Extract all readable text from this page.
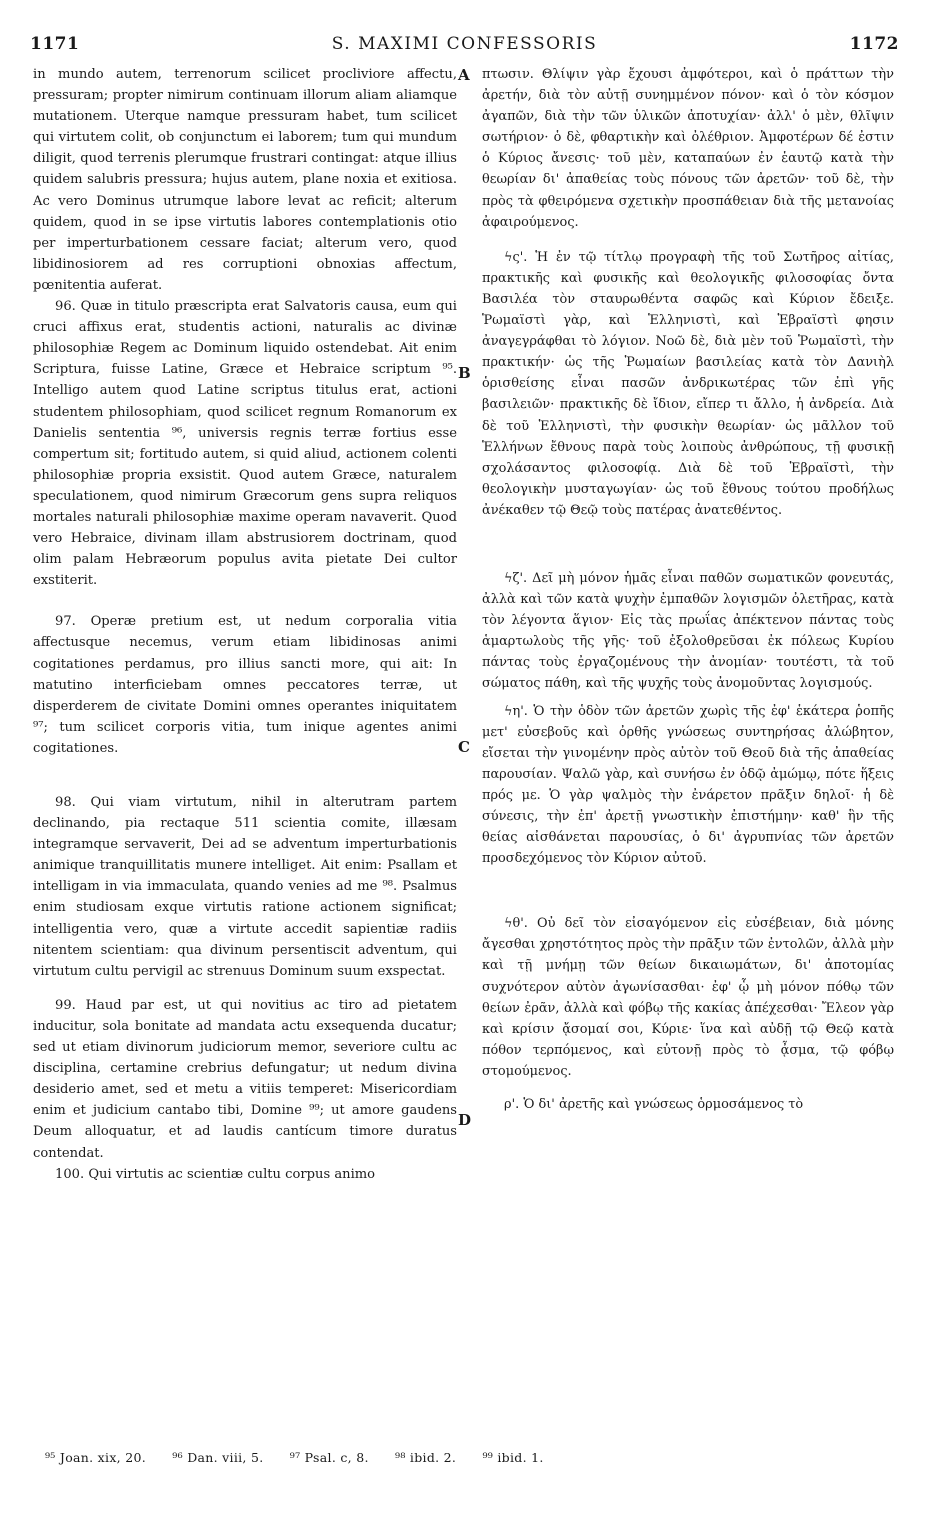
1171	S. MAXIMI CONFESSORIS	1172

in mundo autem, terrenorum scilicet procliviore affectu, pressuram; propter nimirum continuam illorum aliam aliamque mutationem. Uterque namque pressuram habet, tum scilicet qui virtutem colit, ob conjunctum ei laborem; tum qui mundum diligit, quod terrenis plerumque frustrari contingat: atque illius quidem salubris pressura; hujus autem, plane noxia et exitiosa. Ac vero Dominus utrumque labore levat ac reficit; alterum quidem, quod in se ipse virtutis labores contemplationis otio per imperturbationem cessare faciat; alterum vero, quod libidinosiorem ad res corruptioni obnoxias affectum, pœnitentia auferat.

96. Quæ in titulo præscripta erat Salvatoris causa, eum qui cruci affixus erat, studentis actioni, naturalis ac divinæ philosophiæ Regem ac Dominum liquido ostendebat. Ait enim Scriptura, fuisse Latine, Græce et Hebraice scriptum ⁹⁵. Intelligo autem quod Latine scriptus titulus erat, actioni studentem philosophiam, quod scilicet regnum Romanorum ex Danielis sententia ⁹⁶, universis regnis terræ fortius esse compertum sit; fortitudo autem, si quid aliud, actionem colenti philosophiæ propria exsistit. Quod autem Græce, naturalem speculationem, quod nimirum Græcorum gens supra reliquos mortales naturali philosophiæ maxime operam navaverit. Quod vero Hebraice, divinam illam abstrusiorem doctrinam, quod olim palam Hebræorum populus avita pietate Dei cultor exstiterit.

97. Operæ pretium est, ut nedum corporalia vitia affectusque necemus, verum etiam libidinosas animi cogitationes perdamus, pro illius sancti more, qui ait: In matutino interficiebam omnes peccatores terræ, ut disperderem de civitate Domini omnes operantes iniquitatem ⁹⁷; tum scilicet corporis vitia, tum inique agentes animi cogitationes.

98. Qui viam virtutum, nihil in alterutram partem declinando, pia rectaque 511 scientia comite, illæsam integramque servaverit, Dei ad se adventum imperturbationis animique tranquillitatis munere intelliget. Ait enim: Psallam et intelligam in via immaculata, quando venies ad me ⁹⁸. Psalmus enim studiosam exque virtutis ratione actionem significat; intelligentia vero, quæ a virtute accedit sapientiæ radiis nitentem scientiam: qua divinum persentiscit adventum, qui virtutum cultu pervigil ac strenuus Dominum suum exspectat.

99. Haud par est, ut qui novitius ac tiro ad pietatem inducitur, sola bonitate ad mandata actu exsequenda ducatur; sed ut etiam divinorum judiciorum memor, severiore cultu ac disciplina, certamine crebrius defungatur; ut nedum divina desiderio amet, sed et metu a vitiis temperet: Misericordiam enim et judicium cantabo tibi, Domine ⁹⁹; ut amore gaudens Deum alloquatur, et ad laudis cantícum timore duratus contendat.

100. Qui virtutis ac scientiæ cultu corpus animo

A
B
C
D

πτωσιν. Θλίψιν γὰρ ἔχουσι ἀμφότεροι, καὶ ὁ πράττων τὴν ἀρετήν, διὰ τὸν αὐτῇ συνημμένον πόνον· καὶ ὁ τὸν κόσμον ἀγαπῶν, διὰ τὴν τῶν ὑλικῶν ἀποτυχίαν· ἀλλ' ὁ μὲν, θλῖψιν σωτήριον· ὁ δὲ, φθαρτικὴν καὶ ὀλέθριον. Ἀμφοτέρων δέ ἐστιν ὁ Κύριος ἄνεσις· τοῦ μὲν, καταπαύων ἐν ἑαυτῷ κατὰ τὴν θεωρίαν δι' ἀπαθείας τοὺς πόνους τῶν ἀρετῶν· τοῦ δὲ, τὴν πρὸς τὰ φθειρόμενα σχετικὴν προσπάθειαν διὰ τῆς μετανοίας ἀφαιρούμενος.

ϟς'. Ἡ ἐν τῷ τίτλῳ προγραφὴ τῆς τοῦ Σωτῆρος αἰτίας, πρακτικῆς καὶ φυσικῆς καὶ θεολογικῆς φιλοσοφίας ὄντα Βασιλέα τὸν σταυρωθέντα σαφῶς καὶ Κύριον ἔδειξε. Ῥωμαϊστὶ γὰρ, καὶ Ἑλληνιστὶ, καὶ Ἑβραϊστὶ φησιν ἀναγεγράφθαι τὸ λόγιον. Νοῶ δὲ, διὰ μὲν τοῦ Ῥωμαϊστὶ, τὴν πρακτικήν· ὡς τῆς Ῥωμαίων βασιλείας κατὰ τὸν Δανιὴλ ὁρισθείσης εἶναι πασῶν ἀνδρικωτέρας τῶν ἐπὶ γῆς βασιλειῶν· πρακτικῆς δὲ ἴδιον, εἴπερ τι ἄλλο, ἡ ἀνδρεία. Διὰ δὲ τοῦ Ἑλληνιστὶ, τὴν φυσικὴν θεωρίαν· ὡς μᾶλλον τοῦ Ἑλλήνων ἔθνους παρὰ τοὺς λοιποὺς ἀνθρώπους, τῇ φυσικῇ σχολάσαντος φιλοσοφίᾳ. Διὰ δὲ τοῦ Ἑβραϊστὶ, τὴν θεολογικὴν μυσταγωγίαν· ὡς τοῦ ἔθνους τούτου προδήλως ἀνέκαθεν τῷ Θεῷ τοὺς πατέρας ἀνατεθέντος.

ϟζ'. Δεῖ μὴ μόνον ἡμᾶς εἶναι παθῶν σωματικῶν φονευτάς, ἀλλὰ καὶ τῶν κατὰ ψυχὴν ἐμπαθῶν λογισμῶν ὀλετῆρας, κατὰ τὸν λέγοντα ἅγιον· Εἰς τὰς πρωΐας ἀπέκτενον πάντας τοὺς ἁμαρτωλοὺς τῆς γῆς· τοῦ ἐξολοθρεῦσαι ἐκ πόλεως Κυρίου πάντας τοὺς ἐργαζομένους τὴν ἀνομίαν· τουτέστι, τὰ τοῦ σώματος πάθη, καὶ τῆς ψυχῆς τοὺς ἀνομοῦντας λογισμούς.

ϟη'. Ὁ τὴν ὁδὸν τῶν ἀρετῶν χωρὶς τῆς ἐφ' ἑκάτερα ῥοπῆς μετ' εὐσεβοῦς καὶ ὀρθῆς γνώσεως συντηρήσας ἀλώβητον, εἴσεται τὴν γινομένην πρὸς αὐτὸν τοῦ Θεοῦ διὰ τῆς ἀπαθείας παρουσίαν. Ψαλῶ γὰρ, καὶ συνήσω ἐν ὁδῷ ἀμώμῳ, πότε ἥξεις πρός με. Ὁ γὰρ ψαλμὸς τὴν ἐνάρετον πρᾶξιν δηλοῖ· ἡ δὲ σύνεσις, τὴν ἐπ' ἀρετῇ γνωστικὴν ἐπιστήμην· καθ' ἣν τῆς θείας αἰσθάνεται παρουσίας, ὁ δι' ἀγρυπνίας τῶν ἀρετῶν προσδεχόμενος τὸν Κύριον αὐτοῦ.

ϟθ'. Οὐ δεῖ τὸν εἰσαγόμενον εἰς εὐσέβειαν, διὰ μόνης ἄγεσθαι χρηστότητος πρὸς τὴν πρᾶξιν τῶν ἐντολῶν, ἀλλὰ μὴν καὶ τῇ μνήμῃ τῶν θείων δικαιωμάτων, δι' ἀποτομίας συχνότερον αὐτὸν ἀγωνίσασθαι· ἐφ' ᾧ μὴ μόνον πόθῳ τῶν θείων ἐρᾶν, ἀλλὰ καὶ φόβῳ τῆς κακίας ἀπέχεσθαι· Ἔλεον γὰρ καὶ κρίσιν ᾄσομαί σοι, Κύριε· ἵνα καὶ αὐδῇ τῷ Θεῷ κατὰ πόθον τερπόμενος, καὶ εὐτονῇ πρὸς τὸ ᾆσμα, τῷ φόβῳ στομούμενος.

ρ'. Ὁ δι' ἀρετῆς καὶ γνώσεως ὁρμοσάμενος τὸ

⁹⁵ Joan. xix, 20. ⁹⁶ Dan. viii, 5. ⁹⁷ Psal. c, 8. ⁹⁸ ibid. 2. ⁹⁹ ibid. 1.
